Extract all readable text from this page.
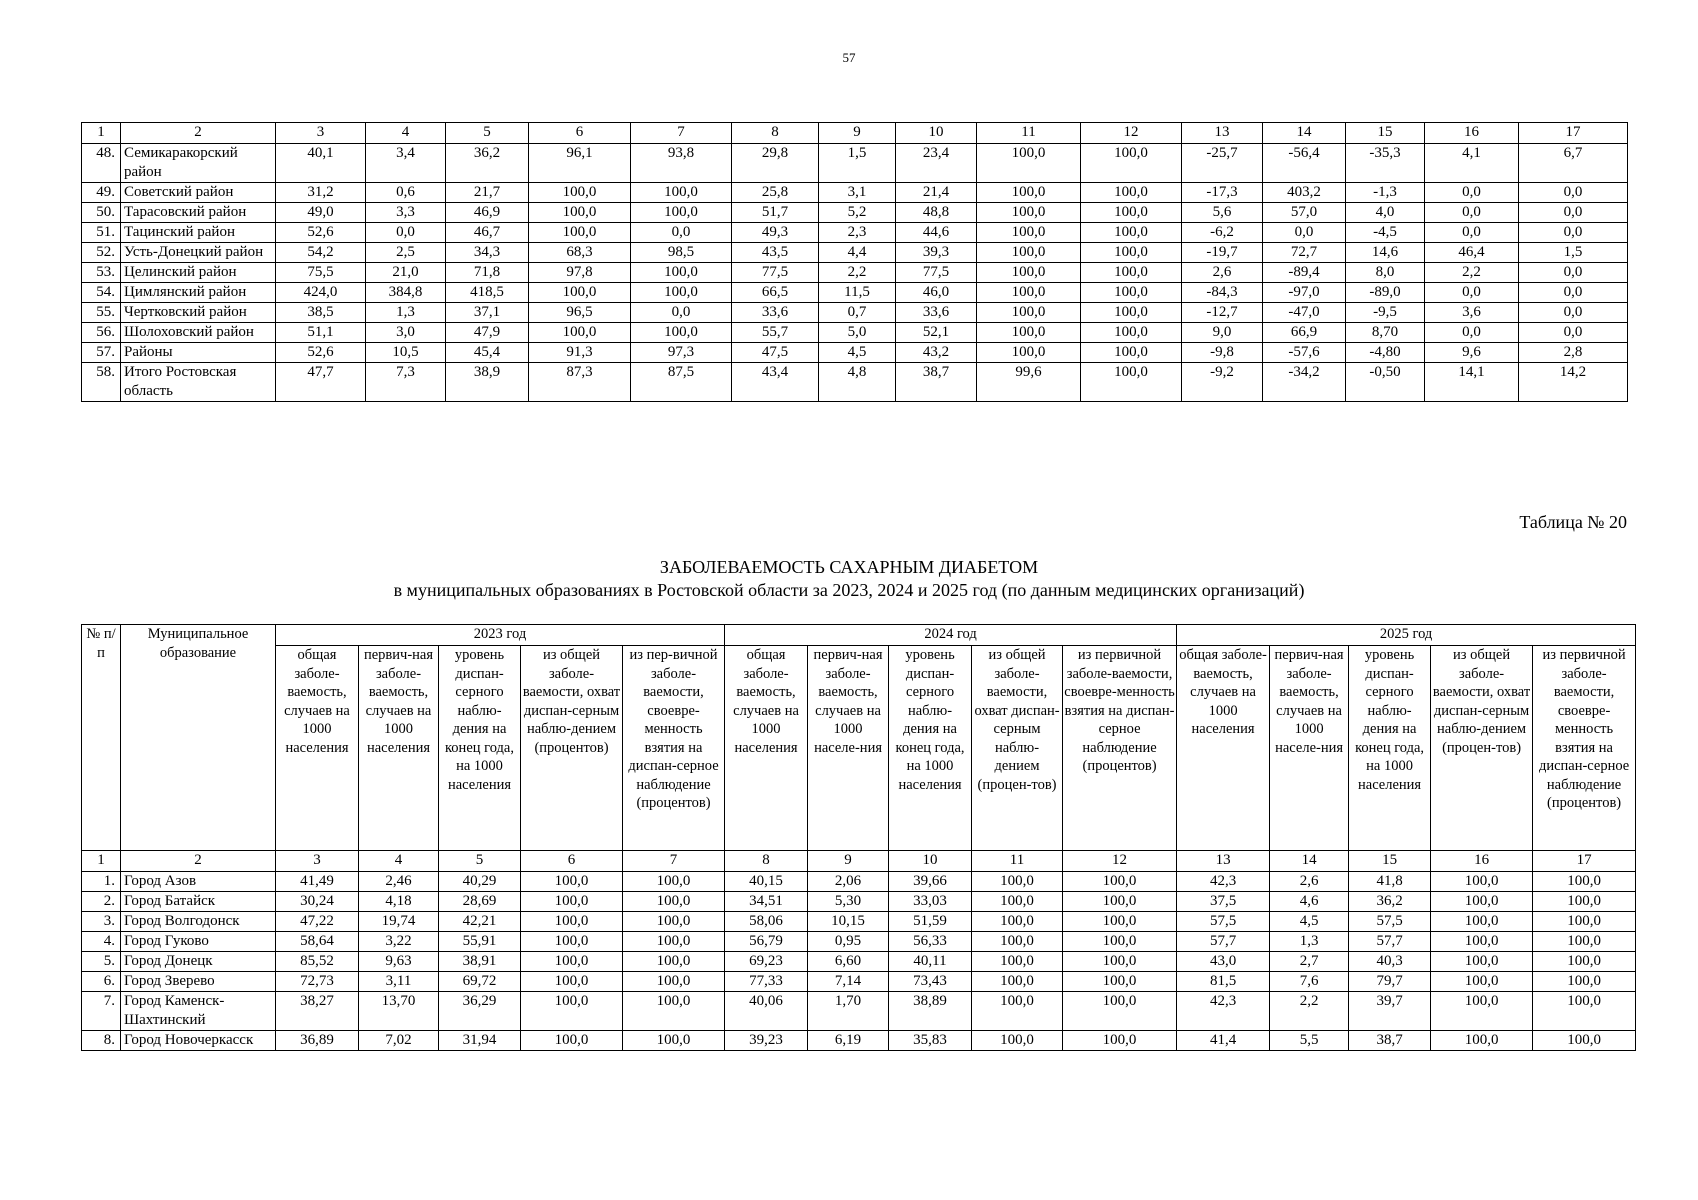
57
1	2	3	4	5	6	7	8	9	10	11	12	13	14	15	16	17
48.	Семикаракорский район	40,1	3,4	36,2	96,1	93,8	29,8	1,5	23,4	100,0	100,0	-25,7	-56,4	-35,3	4,1	6,7
49.	Советский район	31,2	0,6	21,7	100,0	100,0	25,8	3,1	21,4	100,0	100,0	-17,3	403,2	-1,3	0,0	0,0
50.	Тарасовский район	49,0	3,3	46,9	100,0	100,0	51,7	5,2	48,8	100,0	100,0	5,6	57,0	4,0	0,0	0,0
51.	Тацинский район	52,6	0,0	46,7	100,0	0,0	49,3	2,3	44,6	100,0	100,0	-6,2	0,0	-4,5	0,0	0,0
52.	Усть-Донецкий район	54,2	2,5	34,3	68,3	98,5	43,5	4,4	39,3	100,0	100,0	-19,7	72,7	14,6	46,4	1,5
53.	Целинский район	75,5	21,0	71,8	97,8	100,0	77,5	2,2	77,5	100,0	100,0	2,6	-89,4	8,0	2,2	0,0
54.	Цимлянский район	424,0	384,8	418,5	100,0	100,0	66,5	11,5	46,0	100,0	100,0	-84,3	-97,0	-89,0	0,0	0,0
55.	Чертковский район	38,5	1,3	37,1	96,5	0,0	33,6	0,7	33,6	100,0	100,0	-12,7	-47,0	-9,5	3,6	0,0
56.	Шолоховский район	51,1	3,0	47,9	100,0	100,0	55,7	5,0	52,1	100,0	100,0	9,0	66,9	8,70	0,0	0,0
57.	Районы	52,6	10,5	45,4	91,3	97,3	47,5	4,5	43,2	100,0	100,0	-9,8	-57,6	-4,80	9,6	2,8
58.	Итого Ростовская область	47,7	7,3	38,9	87,3	87,5	43,4	4,8	38,7	99,6	100,0	-9,2	-34,2	-0,50	14,1	14,2
Таблица № 20
ЗАБОЛЕВАЕМОСТЬ САХАРНЫМ ДИАБЕТОМ
в муниципальных образованиях в Ростовской области за 2023, 2024 и 2025 год (по данным медицинских организаций)
№ п/п	Муниципальное образование	2023 год					2024 год					2025 год				
		общая заболе-ваемость, случаев на 1000 населения	первич-ная заболе-ваемость, случаев на 1000 населения	уровень диспан-серного наблю-дения на конец года, на 1000 населения	из общей заболе-ваемости, охват диспан-серным наблю-дением (процентов)	из пер-вичной заболе-ваемости, своевре-менность взятия на диспан-серное наблюдение (процентов)	общая заболе-ваемость, случаев на 1000 населения	первич-ная заболе-ваемость, случаев на 1000 населе-ния	уровень диспан-серного наблю-дения на конец года, на 1000 населения	из общей заболе-ваемости, охват диспан-серным наблю-дением (процен-тов)	из первичной заболе-ваемости, своевре-менность взятия на диспан-серное наблюдение (процентов)	общая заболе-ваемость, случаев на 1000 населения	первич-ная заболе-ваемость, случаев на 1000 населе-ния	уровень диспан-серного наблю-дения на конец года, на 1000 населения	из общей заболе-ваемости, охват диспан-серным наблю-дением (процен-тов)	из первичной заболе-ваемости, своевре-менность взятия на диспан-серное наблюдение (процентов)
1	2	3	4	5	6	7	8	9	10	11	12	13	14	15	16	17
1.	Город Азов	41,49	2,46	40,29	100,0	100,0	40,15	2,06	39,66	100,0	100,0	42,3	2,6	41,8	100,0	100,0
2.	Город Батайск	30,24	4,18	28,69	100,0	100,0	34,51	5,30	33,03	100,0	100,0	37,5	4,6	36,2	100,0	100,0
3.	Город Волгодонск	47,22	19,74	42,21	100,0	100,0	58,06	10,15	51,59	100,0	100,0	57,5	4,5	57,5	100,0	100,0
4.	Город Гуково	58,64	3,22	55,91	100,0	100,0	56,79	0,95	56,33	100,0	100,0	57,7	1,3	57,7	100,0	100,0
5.	Город Донецк	85,52	9,63	38,91	100,0	100,0	69,23	6,60	40,11	100,0	100,0	43,0	2,7	40,3	100,0	100,0
6.	Город Зверево	72,73	3,11	69,72	100,0	100,0	77,33	7,14	73,43	100,0	100,0	81,5	7,6	79,7	100,0	100,0
7.	Город Каменск-Шахтинский	38,27	13,70	36,29	100,0	100,0	40,06	1,70	38,89	100,0	100,0	42,3	2,2	39,7	100,0	100,0
8.	Город Новочеркасск	36,89	7,02	31,94	100,0	100,0	39,23	6,19	35,83	100,0	100,0	41,4	5,5	38,7	100,0	100,0
